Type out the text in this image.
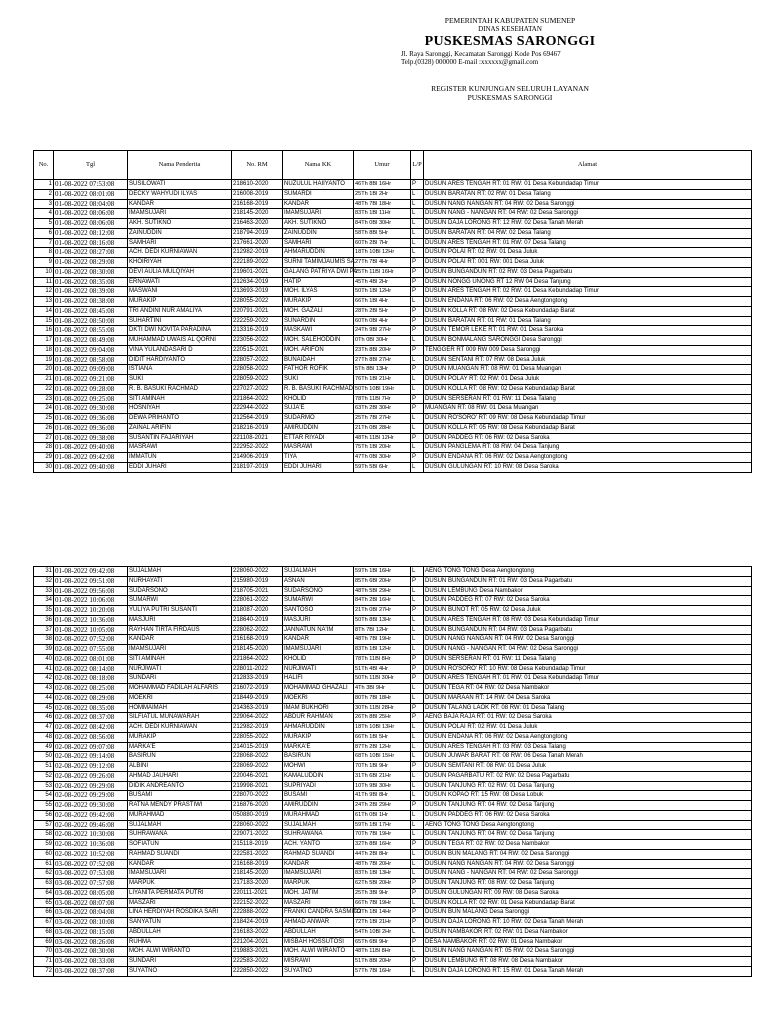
PEMERINTAH KABUPATEN SUMENEP
DINAS KESEHATAN
PUSKESMAS SARONGGI
Jl. Raya Saronggi, Kecamatan Saronggi Kode Pos 69467
Telp.(0328) 000000 E-mail :xxxxxx@gmail.com
REGISTER KUNJUNGAN SELURUH LAYANAN
PUSKESMAS SARONGGI
No.	Tgl	Nama Penderita	No. RM	Nama KK	Umur	L/P	Alamat
1	01-08-2022 07:53:08	SUSILOWATI	218610-2020	NUZULUL HAIIYANTO	46Th 8Bl 16Hr	P	DUSUN ARES TENGAH RT: 01 RW: 01 Desa Kebundadap Timur
2	01-08-2022 08:01:08	DECKY WAHYUDI ILYAS	216008-2019	SUMARDI	25Th 1Bl 2Hr	L	DUSUN BARATAN RT: 02 RW: 01 Desa Talang
3	01-08-2022 08:04:08	KANDAR	216168-2019	KANDAR	48Th 7Bl 18Hr	L	DUSUN NANG NANGAN RT: 04 RW: 02 Desa Saronggi
4	01-08-2022 08:06:08	IMAMSUJARI	218145-2020	IMAMSUJARI	83Th 1Bl 11Hr	L	DUSUN NANG - NANGAN RT: 04 RW: 02 Desa Saronggi
5	01-08-2022 08:06:08	AKH. SUTIKNO	216463-2020	AKH. SUTIKNO	84Th 0Bl 30Hr	L	DUSUN DAJA LORONG RT: 12 RW: 02 Desa Tanah Merah
6	01-08-2022 08:12:08	ZAINUDDIN	218794-2019	ZAINUDDIN	58Th 8Bl 5Hr	L	DUSUN BARATAN RT: 04 RW: 02 Desa Talang
7	01-08-2022 08:16:08	SAMHARI	217661-2020	SAMHARI	60Th 2Bl 7Hr	L	DUSUN ARES TENGAH RT: 01 RW: 07 Desa Talang
8	01-08-2022 08:27:08	ACH. DEDI KURNIAWAN	212982-2019	AHMARUDDIN	18Th 10Bl 12Hr	L	DUSUN POLAI RT: 02 RW: 01 Desa Juluk
9	01-08-2022 08:29:08	KHOIRIYAH	222189-2022	SURNI TAMIMJAUMIS SA	27Th 7Bl 4Hr	P	DUSUN POLAI RT: 001 RW: 001 Desa Juluk
10	01-08-2022 08:30:08	DEVI AULIA MULQIYAH	219601-2021	GALANG PATRIYA DWI PA	25Th 11Bl 16Hr	P	DUSUN BUNGANDUN RT: 02 RW: 03 Desa Pagarbatu
11	01-08-2022 08:35:08	ERNAWATI	212634-2019	HATIP	45Th 4Bl 2Hr	P	DUSUN NONGG UNONG RT 12 RW 04 Desa Tanjung
12	01-08-2022 08:39:08	MASWANI	213693-2019	MOH. ILYAS	50Th 1Bl 12Hr	P	DUSUN ARES TENGAH RT: 02 RW: 01 Desa Kebundadap Timur
13	01-08-2022 08:38:08	MURAKIP	228055-2022	MURAKIP	66Th 1Bl 4Hr	L	DUSUN ENDANA RT: 06 RW: 02 Desa Aengtongtong
14	01-08-2022 08:45:08	TRI ANDINI NUR AMALIYA	220791-2021	MOH. GAZALI	28Th 2Bl 5Hr	P	DUSUN KOLLA RT: 08 RW: 02 Desa Kebundadap Barat
15	01-08-2022 08:50:08	SUHARTINI	222259-2022	SUNARDIN	60Th 0Bl 4Hr	P	DUSUN BARATAN RT: 01 RW: 01 Desa Talang
16	01-08-2022 08:55:08	DKTI DWI NOVITA PARADINA	213316-2019	MASKAWI	24Th 9Bl 27Hr	P	DUSUN TEMOR LEKE RT: 01 RW: 01 Desa Saroka
17	01-08-2022 08:49:08	MUHAMMAD UWAIS AL QORNI	223056-2022	MOH. SALEHODDIN	0Th 0Bl 30Hr	L	DUSUN BONMALANG SARONGGI Desa Saronggi
18	01-08-2022 09:04:08	VINA YULANDASARI D	220515-2021	MOH. ARIFON	23Th 8Bl 20Hr	P	TENGGER RT 009 RW 009 Desa Saronggi
19	01-08-2022 08:58:08	DIDIT HARDIYANTO	228057-2022	BUNAIDAH	27Th 8Bl 27Hr	L	DUSUN SENTANI RT: 07 RW: 08 Desa Juluk
20	01-08-2022 09:09:08	ISTIANA	228058-2022	FATHOR ROFIK	5Th 8Bl 13Hr	P	DUSUN MUANGAN RT: 08 RW: 01 Desa Muangan
21	01-08-2022 09:21:08	SUKI	228059-2022	SUKI	76Th 1Bl 21Hr	L	DUSUN POLAY RT: 02 RW: 01 Desa Juluk
22	01-08-2022 09:28:08	R. B. BASUKI RACHMAD	227027-2022	R. B. BASUKI RACHMAD	50Th 10Bl 19Hr	L	DUSUN KOLLA RT: 08 RW: 02 Desa Kebundadap Barat
23	01-08-2022 09:25:08	SITI AMINAH	221864-2022	KHOLID	78Th 11Bl 7Hr	P	DUSUN SERSERAN RT: 01 RW: 11 Desa Talang
24	01-08-2022 09:30:08	HOSNIYAH	222944-2022	SUJA'E	63Th 2Bl 30Hr	P	MUANGAN RT: 08 RW: 01 Desa Muangan
25	01-08-2022 09:36:08	DEWA PRIHANTO	212564-2019	SUDARMO	25Th 7Bl 27Hr	L	DUSUN RO'SORO' RT: 09 RW: 08 Desa Kebundadap Timur
26	01-08-2022 09:36:08	ZAINAL ARIFIN	218216-2019	AMIRUDDIN	21Th 0Bl 28Hr	L	DUSUN KOLLA RT: 05 RW: 08 Desa Kebundadap Barat
27	01-08-2022 09:38:08	SUSANTIN FAJARIYAH	221108-2021	ETTAR RIYADI	48Th 11Bl 12Hr	P	DUSUN PADDEG RT: 06 RW: 02 Desa Saroka
28	01-08-2022 09:40:08	MASRAWI	222952-2022	MASRAWI	75Th 1Bl 20Hr	L	DUSUN PANGLEMA RT: 08 RW: 04 Desa Tanjung
29	01-08-2022 09:42:08	IMMATUN	214906-2019	TIYA	47Th 0Bl 30Hr	P	DUSUN ENDANA RT: 06 RW: 02 Desa Aengtongtong
30	01-08-2022 09:40:08	EDDI JUHARI	218197-2019	EDDI JUHARI	59Th 5Bl 6Hr	L	DUSUN GULUNGAN RT: 10 RW: 08 Desa Saroka
31	01-08-2022 09:42:08	SUJALMAH	228060-2022	SUJALMAH	59Th 1Bl 16Hr	L	AENG TONG TONG Desa Aengtongtong
32	01-08-2022 09:51:08	NURHAYATI	215980-2019	ASNAN	85Th 6Bl 20Hr	P	DUSUN BUNGANDUN RT: 01 RW: 03 Desa Pagarbatu
33	01-08-2022 09:56:08	SUDARSONO	218705-2021	SUDARSONO	48Th 5Bl 29Hr	L	DUSUN LEMBUNG Desa Nambakor
34	01-08-2022 10:06:08	SUMARWI	228061-2022	SUMARWI	84Th 2Bl 16Hr	L	DUSUN PADDEG RT: 07 RW: 02 Desa Saroka
35	01-08-2022 10:20:08	YULIYA PUTRI SUSANTI	218087-2020	SANTOSO	21Th 0Bl 27Hr	P	DUSUN BUNOT RT: 05 RW: 02 Desa Juluk
36	01-08-2022 10:36:08	MASJURI	218640-2019	MASJURI	50Th 8Bl 13Hr	L	DUSUN ARES TENGAH RT: 08 RW: 03 Desa Kebundadap Timur
37	01-08-2022 10:05:08	RAYHAN TIRTA FIRDAUS	228062-2022	JANNATUN NA'IM	8Th 7Bl 12Hr	L	DUSUN BUNGANDUN RT: 04 RW: 03 Desa Pagarbatu
38	02-08-2022 07:52:08	KANDAR	216168-2019	KANDAR	48Th 7Bl 19Hr	L	DUSUN NANG NANGAN RT: 04 RW: 02 Desa Saronggi
39	02-08-2022 07:55:08	IMAMSUJARI	218145-2020	IMAMSUJARI	83Th 1Bl 12Hr	L	DUSUN NANG - NANGAN RT: 04 RW: 02 Desa Saronggi
40	02-08-2022 08:01:08	SITI AMINAH	221864-2022	KHOLID	78Th 11Bl 8Hr	P	DUSUN SERSERAN RT: 01 RW: 11 Desa Talang
41	02-08-2022 08:14:08	NURJIWATI	228011-2022	NURJIWATI	51Th 4Bl 4Hr	P	DUSUN RO'SORO' RT: 10 RW: 08 Desa Kebundadap Timur
42	02-08-2022 08:18:08	SUNDARI	212833-2019	HALIFI	50Th 11Bl 30Hr	P	DUSUN ARES TENGAH RT: 01 RW: 01 Desa Kebundadap Timur
43	02-08-2022 08:25:08	MOHAMMAD FADILAH ALFARIS	216072-2019	MOHAMMAD GHAZALI	4Th 3Bl 9Hr	L	DUSUN TEGA RT: 04 RW: 02 Desa Nambakor
44	02-08-2022 08:29:08	MOEKRI	218449-2019	MOEKRI	80Th 7Bl 18Hr	L	DUSUN MARAAN RT: 14 RW: 04 Desa Saroka
45	02-08-2022 08:35:08	HOMMAIMAH	214363-2019	IMAM BUKHORI	30Th 11Bl 28Hr	P	DUSUN TALANG LAOK RT: 08 RW: 01 Desa Talang
46	02-08-2022 08:37:08	SILFIATUL MUNAWARAH	229064-2022	ABDUR RAHMAN	26Th 8Bl 25Hr	P	AENG BAJA RAJA RT: 01 RW: 02 Desa Saroka
47	02-08-2022 08:42:08	ACH. DEDI KURNIAWAN	212982-2019	AHMARUDDIN	18Th 10Bl 13Hr	L	DUSUN POLAI RT: 02 RW: 01 Desa Juluk
48	02-08-2022 08:56:08	MURAKIP	228055-2022	MURAKIP	66Th 1Bl 5Hr	L	DUSUN ENDANA RT: 06 RW: 02 Desa Aengtongtong
49	02-08-2022 09:07:08	MARKA'E	214015-2019	MARKA'E	87Th 2Bl 12Hr	L	DUSUN ARES TENGAH RT: 03 RW: 03 Desa Talang
50	02-08-2022 09:14:08	BASIRUN	228068-2022	BASIRUN	68Th 10Bl 15Hr	L	DUSUN JUWAR BARAT RT: 08 RW: 06 Desa Tanah Merah
51	02-08-2022 09:12:08	ALBINI	228069-2022	MOHWI	70Th 1Bl 9Hr	P	DUSUN SEMTANI RT: 08 RW: 01 Desa Juluk
52	02-08-2022 09:26:08	AHMAD JAUHARI	220046-2021	KAMALUDDIN	31Th 6Bl 21Hr	L	DUSUN PAGARBATU RT: 02 RW: 02 Desa Pagarbatu
53	02-08-2022 09:29:08	DIDIK ANDREANTO	219998-2021	SUPRIYADI	10Th 9Bl 30Hr	L	DUSUN TANJUNG RT: 02 RW: 01 Desa Tanjung
54	02-08-2022 09:29:08	BUSAMI	228070-2022	BUSAMI	41Th 9Bl 8Hr	L	DUSUN KOPAO RT: 15 RW: 08 Desa Lobuk
55	02-08-2022 09:30:08	RATNA MENDY PRASTIWI	216876-2020	AMIRUDDIN	24Th 2Bl 29Hr	P	DUSUN TANJUNG RT: 04 RW: 02 Desa Tanjung
56	02-08-2022 09:42:08	MURAHMAD	050880-2019	MURAHMAD	61Th 0Bl 1Hr	L	DUSUN PADDEG RT: 06 RW: 02 Desa Saroka
57	02-08-2022 09:46:08	SUJALMAH	228060-2022	SUJALMAH	59Th 1Bl 17Hr	L	AENG TONG TONG Desa Aengtongtong
58	02-08-2022 10:30:08	SUHRAWANA	229071-2022	SUHRAWANA	70Th 7Bl 19Hr	L	DUSUN TANJUNG RT: 04 RW: 02 Desa Tanjung
59	02-08-2022 10:36:08	SOFIATUN	215118-2019	ACH. YANTO	32Th 8Bl 16Hr	P	DUSUN TEGA RT: 02 RW: 02 Desa Nambakor
60	02-08-2022 10:52:08	RAHMAD SUANDI	222581-2022	RAHMAD SUANDI	44Th 2Bl 8Hr	L	DUSUN BUN MALANG RT: 04 RW: 02 Desa Saronggi
61	03-08-2022 07:52:08	KANDAR	216168-2019	KANDAR	48Th 7Bl 20Hr	L	DUSUN NANG NANGAN RT: 04 RW: 02 Desa Saronggi
62	03-08-2022 07:53:08	IMAMSUJARI	218145-2020	IMAMSUJARI	83Th 1Bl 13Hr	L	DUSUN NANG - NANGAN RT: 04 RW: 02 Desa Saronggi
63	03-08-2022 07:57:08	MARPUK	217183-2020	MARPUK	62Th 5Bl 20Hr	P	DUSUN TANJUNG RT: 08 RW: 02 Desa Tanjung
64	03-08-2022 08:05:08	LIYANITA PERMATA PUTRI	220111-2021	MOH. JATIM	25Th 3Bl 9Hr	P	DUSUN GULUNGAN RT: 09 RW: 08 Desa Saroka
65	03-08-2022 08:07:08	MASZARI	222152-2022	MASZARI	66Th 7Bl 19Hr	L	DUSUN KOLLA RT: 02 RW: 01 Desa Kebundadap Barat
66	03-08-2022 08:04:08	LINA HERDIYAH ROSDIKA SARI	222888-2022	FRANKI CANDRA SASMITO	22Th 1Bl 14Hr	P	DUSUN BUN MALANG Desa Saronggi
67	03-08-2022 08:10:08	SANYATUN	218424-2019	AHMAD ANWAR	72Th 1Bl 21Hr	P	DUSUN DAJA LORONG RT: 10 RW: 02 Desa Tanah Merah
68	03-08-2022 08:15:08	ABDULLAH	216183-2022	ABDULLAH	54Th 10Bl 2Hr	L	DUSUN NAMBAKOR RT: 02 RW: 01 Desa Nambakor
69	03-08-2022 08:26:08	RUHMA	221204-2021	MISBAH HOSSUTOSI	65Th 6Bl 9Hr	P	DESA NAMBAKOR RT: 02 RW: 01 Desa Nambakor
70	03-08-2022 08:30:08	MOH. ALWI WIRANTO	219883-2021	MOH. ALWI WIRANTO	48Th 11Bl 8Hr	L	DUSUN NANG NANGAN RT: 05 RW: 02 Desa Saronggi
71	03-08-2022 08:33:08	SUNDARI	222583-2022	MISRAWI	51Th 8Bl 20Hr	P	DUSUN LEMBUNG RT: 08 RW: 08 Desa Nambakor
72	03-08-2022 08:37:08	SUYATNO	222850-2022	SUYATNO	57Th 7Bl 16Hr	L	DUSUN DAJA LORONG RT: 15 RW: 01 Desa Tanah Merah
